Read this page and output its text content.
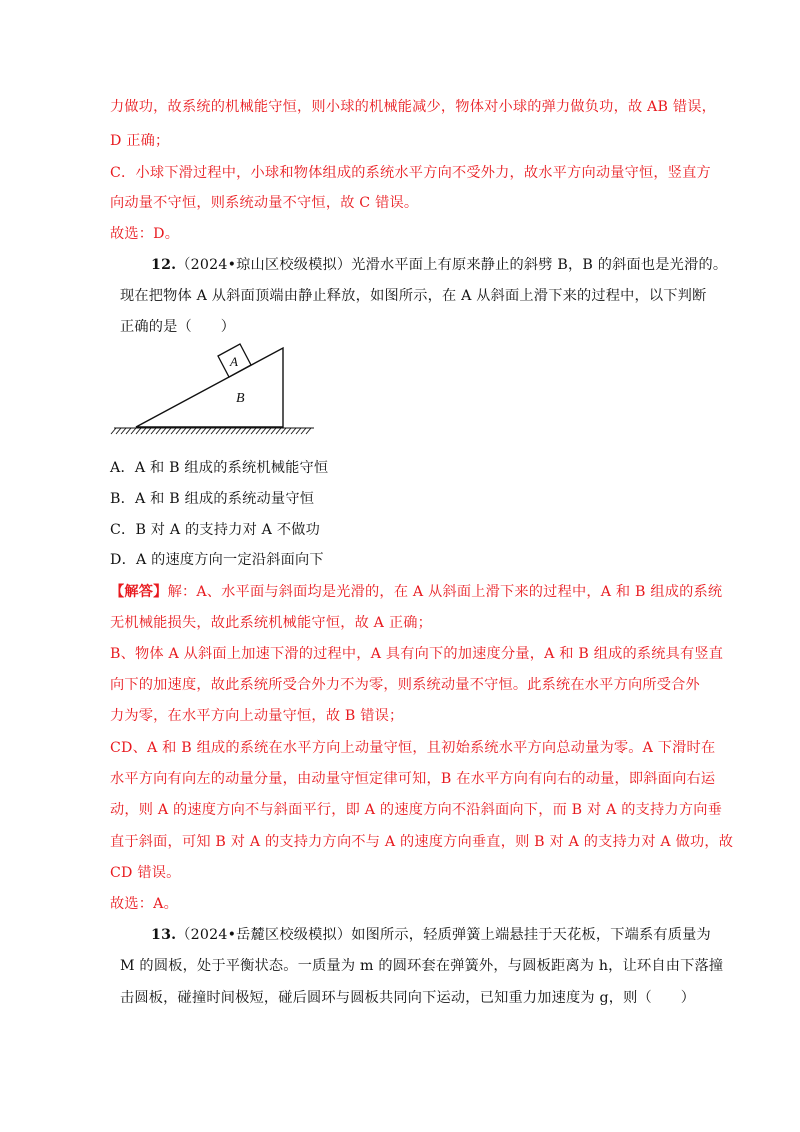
力做功，故系统的机械能守恒，则小球的机械能减少，物体对小球的弹力做负功，故 AB 错误，
D 正确；
C．小球下滑过程中，小球和物体组成的系统水平方向不受外力，故水平方向动量守恒，竖直方
向动量不守恒，则系统动量不守恒，故 C 错误。
故选：D。
12.（2024•琼山区校级模拟）光滑水平面上有原来静止的斜劈 B，B 的斜面也是光滑的。
现在把物体 A 从斜面顶端由静止释放，如图所示，在 A 从斜面上滑下来的过程中，以下判断
正确的是（　　）
A
B
A．A 和 B 组成的系统机械能守恒
B．A 和 B 组成的系统动量守恒
C．B 对 A 的支持力对 A 不做功
D．A 的速度方向一定沿斜面向下
【解答】解：A、水平面与斜面均是光滑的，在 A 从斜面上滑下来的过程中，A 和 B 组成的系统
无机械能损失，故此系统机械能守恒，故 A 正确；
B、物体 A 从斜面上加速下滑的过程中，A 具有向下的加速度分量，A 和 B 组成的系统具有竖直
向下的加速度，故此系统所受合外力不为零，则系统动量不守恒。此系统在水平方向所受合外
力为零，在水平方向上动量守恒，故 B 错误；
CD、A 和 B 组成的系统在水平方向上动量守恒，且初始系统水平方向总动量为零。A 下滑时在
水平方向有向左的动量分量，由动量守恒定律可知，B 在水平方向有向右的动量，即斜面向右运
动，则 A 的速度方向不与斜面平行，即 A 的速度方向不沿斜面向下，而 B 对 A 的支持力方向垂
直于斜面，可知 B 对 A 的支持力方向不与 A 的速度方向垂直，则 B 对 A 的支持力对 A 做功，故
CD 错误。
故选：A。
13.（2024•岳麓区校级模拟）如图所示，轻质弹簧上端悬挂于天花板，下端系有质量为
M 的圆板，处于平衡状态。一质量为 m 的圆环套在弹簧外，与圆板距离为 h，让环自由下落撞
击圆板，碰撞时间极短，碰后圆环与圆板共同向下运动，已知重力加速度为 g，则（　　）
